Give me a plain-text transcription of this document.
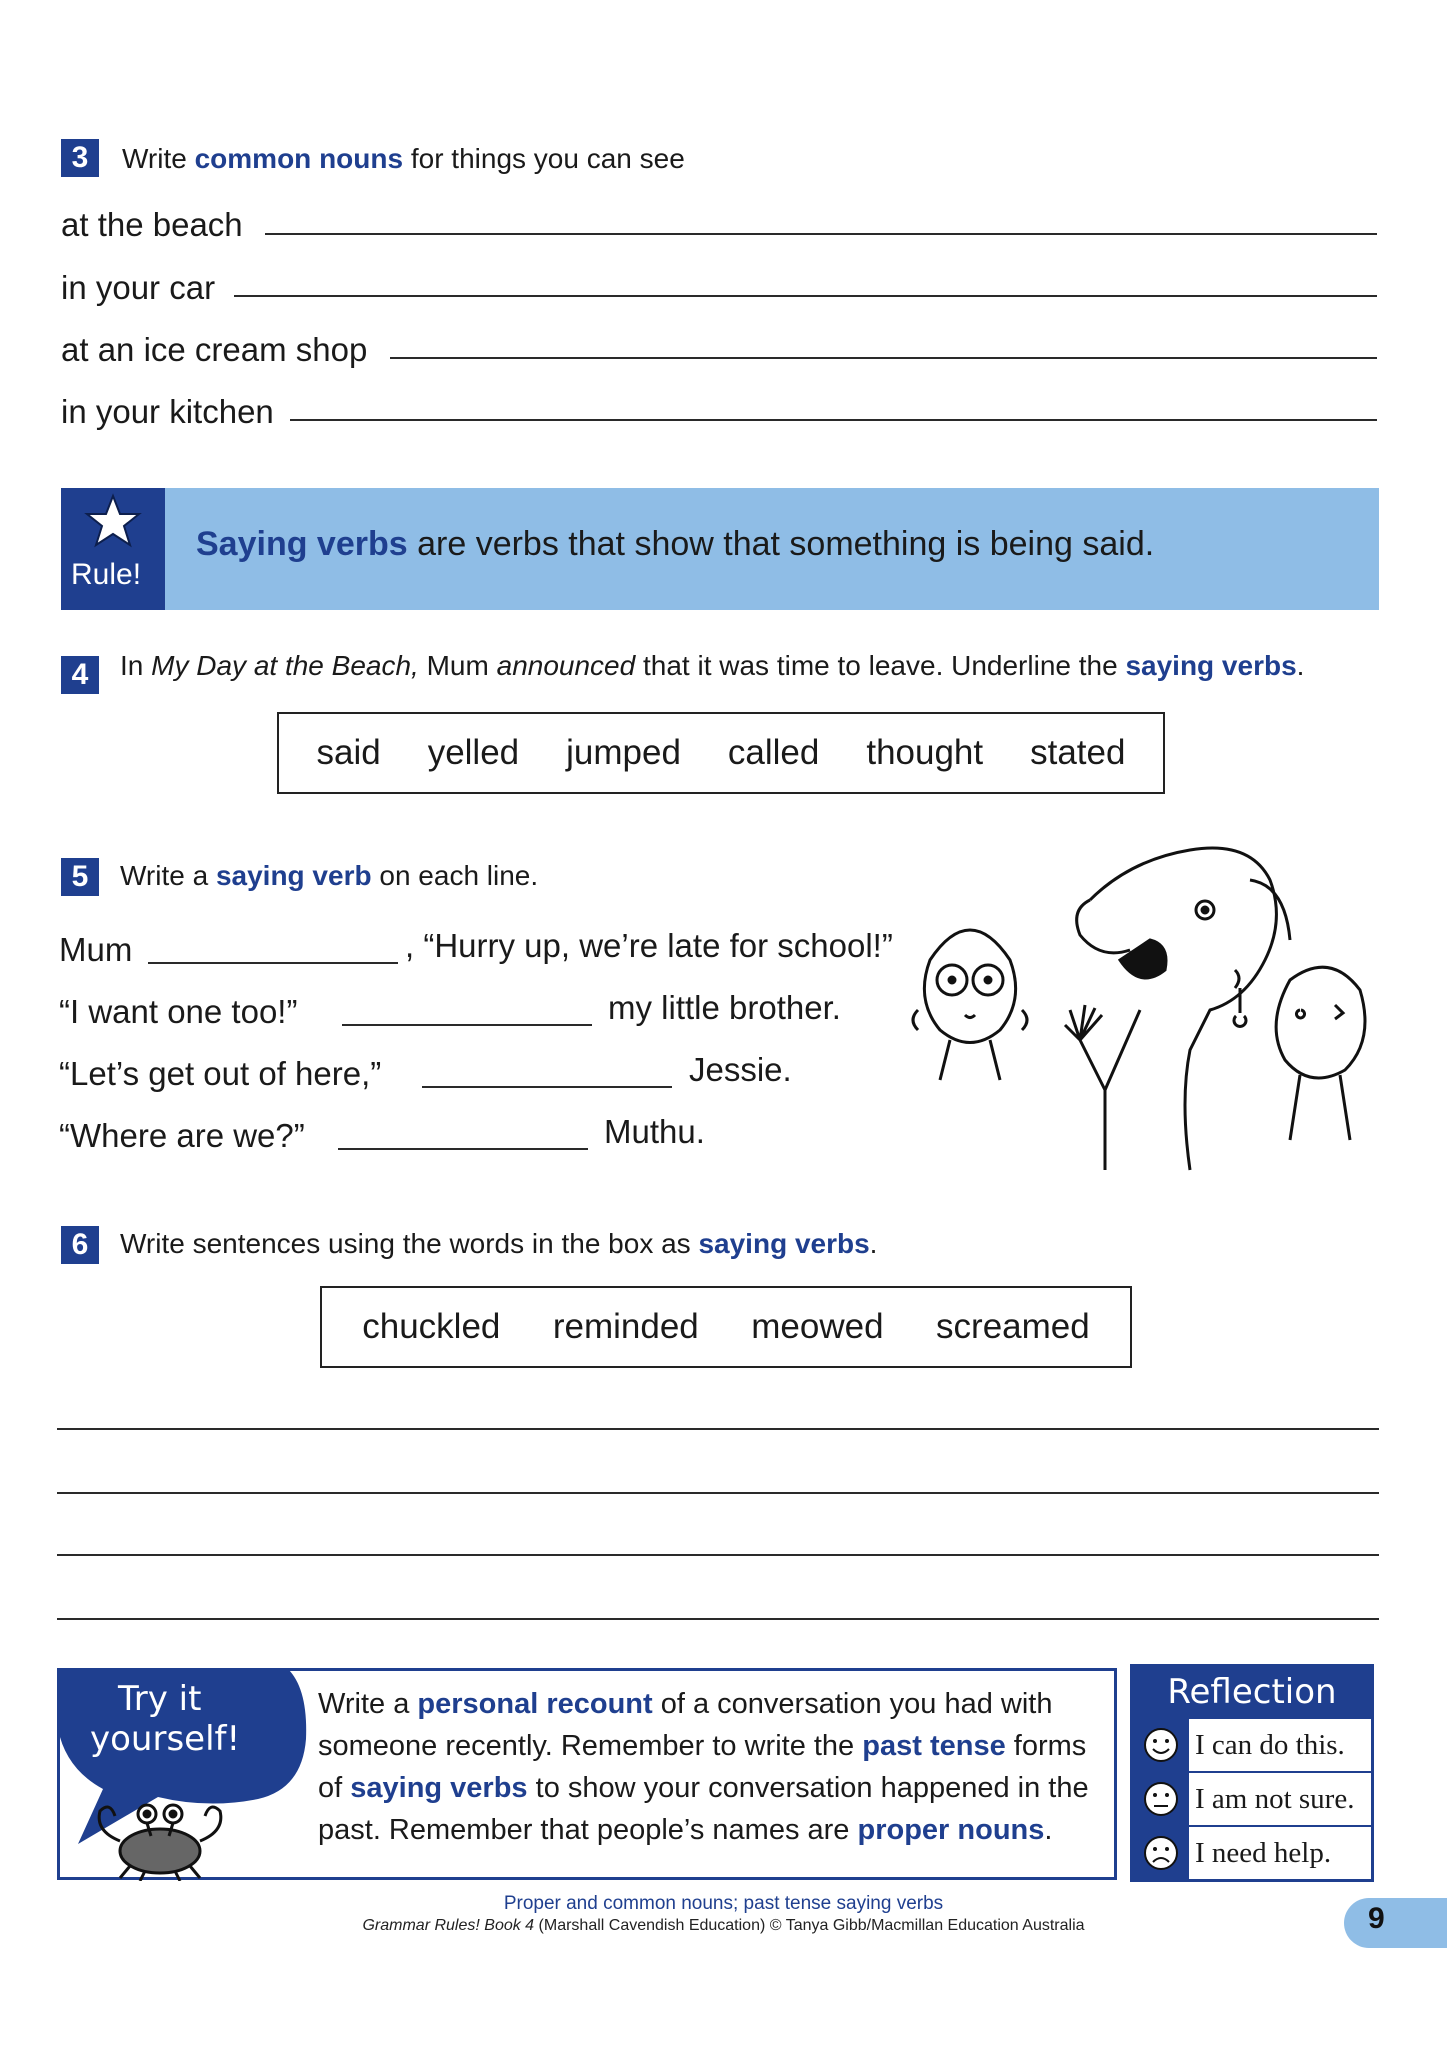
3	Write common nouns for things you can see
at the beach
in your car
at an ice cream shop
in your kitchen
Rule!
Saying verbs are verbs that show that something is being said.
4	In My Day at the Beach, Mum announced that it was time to leave. Underline the saying verbs.
said yelled jumped called thought stated
5	Write a saying verb on each line.
Mum	, “Hurry up, we’re late for school!”
“I want one too!”	my little brother.
“Let’s get out of here,”	Jessie.
“Where are we?”	Muthu.
6	Write sentences using the words in the box as saying verbs.
chuckled reminded meowed screamed
Try it
yourself!
Write a personal recount of a conversation you had with someone recently. Remember to write the past tense forms of saying verbs to show your conversation happened in the past. Remember that people’s names are proper nouns.
Reflection
I can do this.
I am not sure.
I need help.
Proper and common nouns; past tense saying verbs
Grammar Rules! Book 4 (Marshall Cavendish Education) © Tanya Gibb/Macmillan Education Australia	9
